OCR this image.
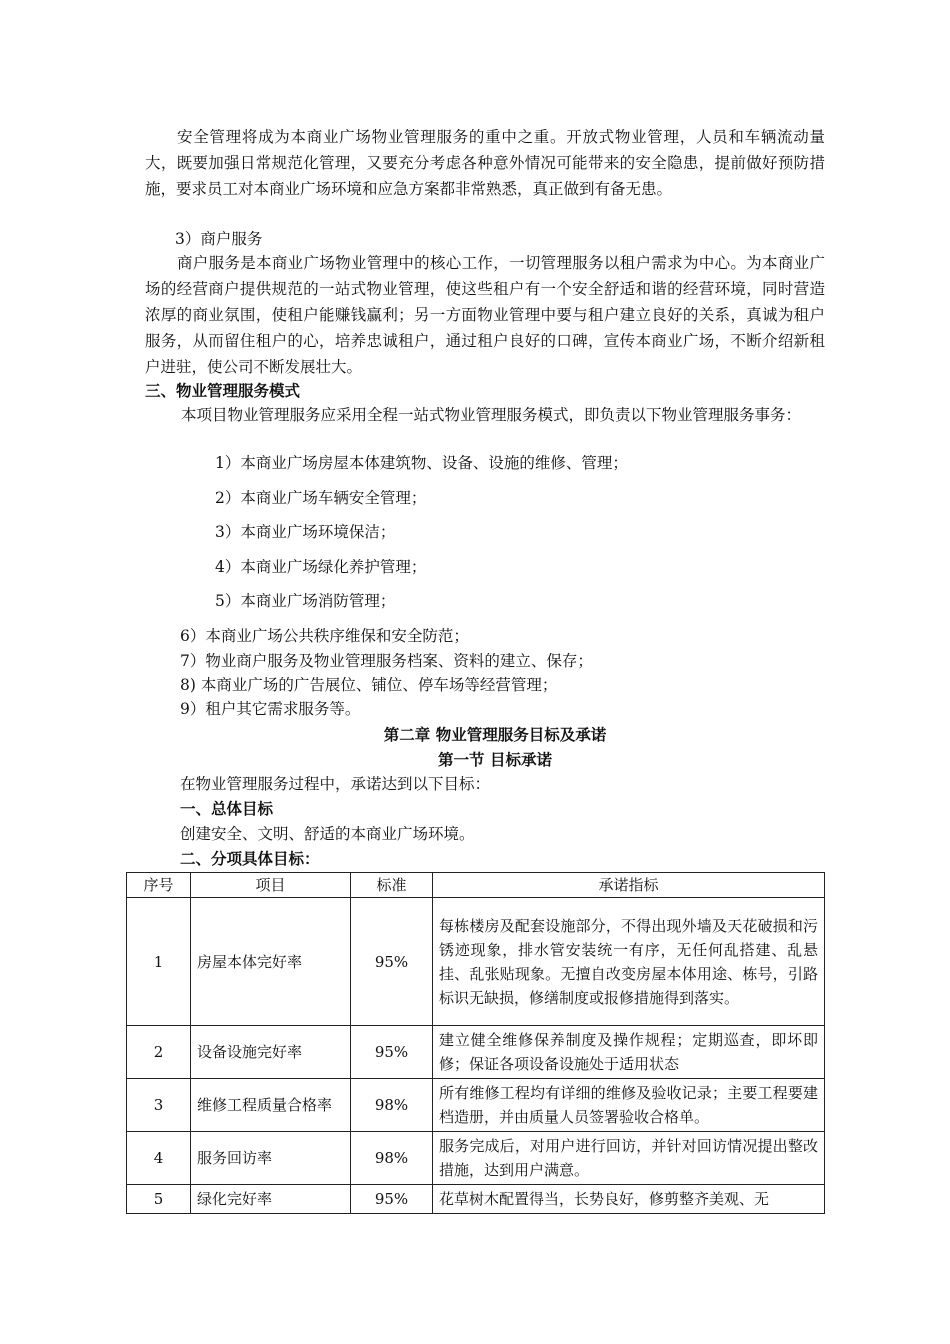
安全管理将成为本商业广场物业管理服务的重中之重。开放式物业管理，人员和车辆流动量大，既要加强日常规范化管理，又要充分考虑各种意外情况可能带来的安全隐患，提前做好预防措施，要求员工对本商业广场环境和应急方案都非常熟悉，真正做到有备无患。
3）商户服务
商户服务是本商业广场物业管理中的核心工作，一切管理服务以租户需求为中心。为本商业广场的经营商户提供规范的一站式物业管理，使这些租户有一个安全舒适和谐的经营环境，同时营造浓厚的商业氛围，使租户能赚钱赢利；另一方面物业管理中要与租户建立良好的关系，真诚为租户服务，从而留住租户的心，培养忠诚租户，通过租户良好的口碑，宣传本商业广场，不断介绍新租户进驻，使公司不断发展壮大。
三、物业管理服务模式
本项目物业管理服务应采用全程一站式物业管理服务模式，即负责以下物业管理服务事务：
1）本商业广场房屋本体建筑物、设备、设施的维修、管理；
2）本商业广场车辆安全管理；
3）本商业广场环境保洁；
4）本商业广场绿化养护管理；
5）本商业广场消防管理；
6）本商业广场公共秩序维保和安全防范；
7）物业商户服务及物业管理服务档案、资料的建立、保存；
8) 本商业广场的广告展位、铺位、停车场等经营管理；
9）租户其它需求服务等。
第二章 物业管理服务目标及承诺
第一节 目标承诺
在物业管理服务过程中，承诺达到以下目标：
一、总体目标
创建安全、文明、舒适的本商业广场环境。
二、分项具体目标：
序号	项目	标准	承诺指标
1	房屋本体完好率	95%	每栋楼房及配套设施部分，不得出现外墙及天花破损和污锈迹现象，排水管安装统一有序，无任何乱搭建、乱悬挂、乱张贴现象。无擅自改变房屋本体用途、栋号，引路标识无缺损，修缮制度或报修措施得到落实。
2	设备设施完好率	95%	建立健全维修保养制度及操作规程；定期巡查，即坏即修；保证各项设备设施处于适用状态
3	维修工程质量合格率	98%	所有维修工程均有详细的维修及验收记录；主要工程要建档造册，并由质量人员签署验收合格单。
4	服务回访率	98%	服务完成后，对用户进行回访，并针对回访情况提出整改措施，达到用户满意。
5	绿化完好率	95%	花草树木配置得当，长势良好，修剪整齐美观、无
